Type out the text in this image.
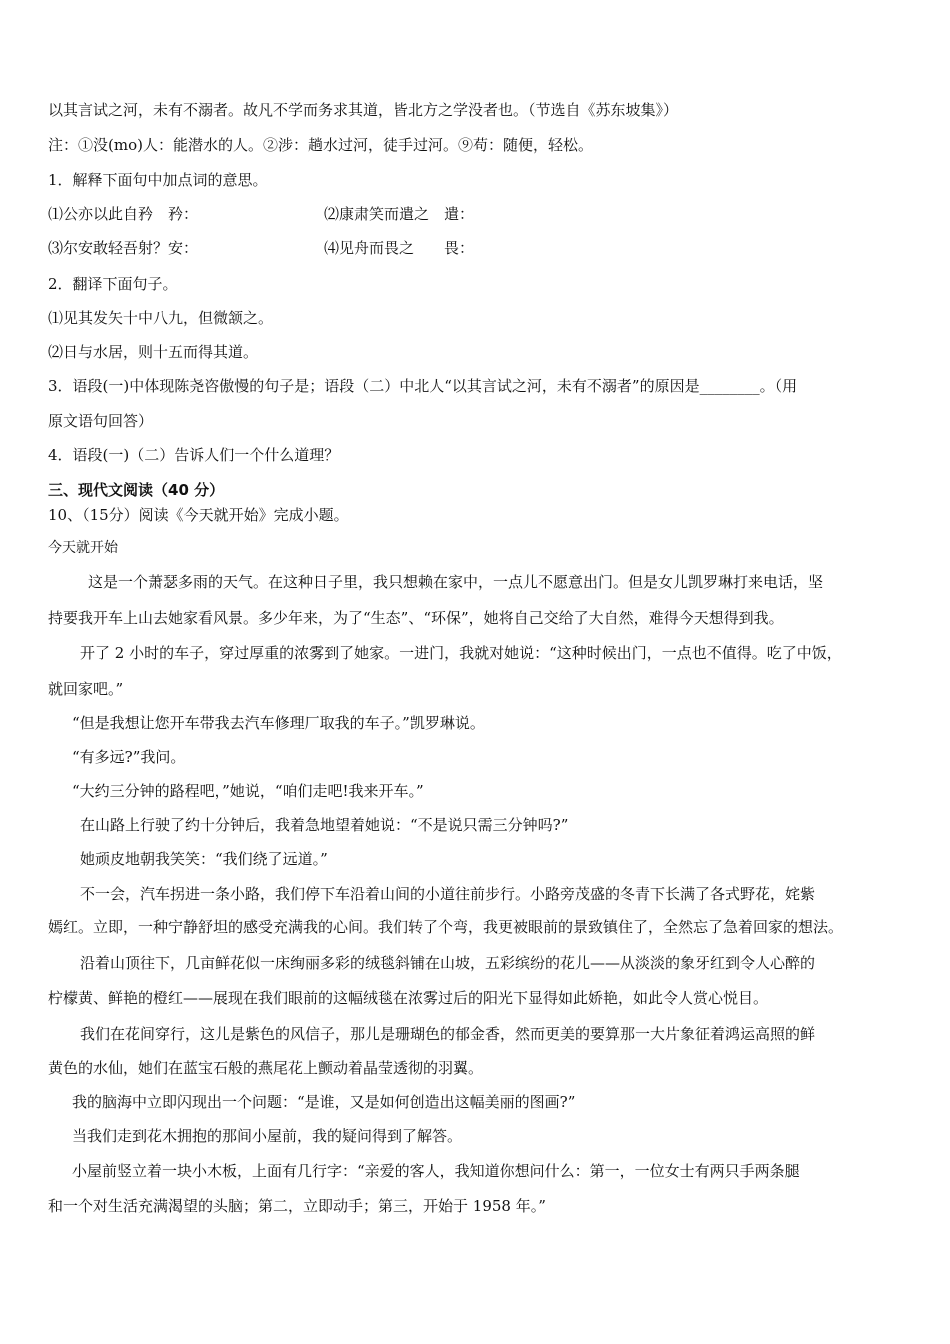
以其言试之河，未有不溺者。故凡不学而务求其道，皆北方之学没者也。（节选自《苏东坡集》）
注：①没(mo)人：能潜水的人。②涉：趟水过河，徒手过河。⑨苟：随便，轻松。
1．解释下面句中加点词的意思。
⑴公亦以此自矜　矜：	⑵康肃笑而遣之　遣：
⑶尔安敢轻吾射？安：	⑷见舟而畏之　　畏：
2．翻译下面句子。
⑴见其发矢十中八九，但微颔之。
⑵日与水居，则十五而得其道。
3．语段(一)中体现陈尧咨傲慢的句子是；语段（二）中北人“以其言试之河，未有不溺者”的原因是________。（用
原文语句回答）
4．语段(一)（二）告诉人们一个什么道理？
三、现代文阅读（40 分）
10、（15分）阅读《今天就开始》完成小题。
今天就开始
这是一个萧瑟多雨的天气。在这种日子里，我只想赖在家中，一点儿不愿意出门。但是女儿凯罗琳打来电话，坚
持要我开车上山去她家看风景。多少年来，为了“生态”、“环保”，她将自己交给了大自然，难得今天想得到我。
开了 2 小时的车子，穿过厚重的浓雾到了她家。一进门，我就对她说：“这种时候出门，一点也不值得。吃了中饭，
就回家吧。”
“但是我想让您开车带我去汽车修理厂取我的车子。”凯罗琳说。
“有多远?”我问。
“大约三分钟的路程吧，”她说，“咱们走吧!我来开车。”
在山路上行驶了约十分钟后，我着急地望着她说：“不是说只需三分钟吗?”
她顽皮地朝我笑笑：“我们绕了远道。”
不一会，汽车拐进一条小路，我们停下车沿着山间的小道往前步行。小路旁茂盛的冬青下长满了各式野花，姹紫
嫣红。立即，一种宁静舒坦的感受充满我的心间。我们转了个弯，我更被眼前的景致镇住了，全然忘了急着回家的想法。
沿着山顶往下，几亩鲜花似一床绚丽多彩的绒毯斜铺在山坡，五彩缤纷的花儿——从淡淡的象牙红到令人心醉的
柠檬黄、鲜艳的橙红——展现在我们眼前的这幅绒毯在浓雾过后的阳光下显得如此娇艳，如此令人赏心悦目。
我们在花间穿行，这儿是紫色的风信子，那儿是珊瑚色的郁金香，然而更美的要算那一大片象征着鸿运高照的鲜
黄色的水仙，她们在蓝宝石般的燕尾花上颤动着晶莹透彻的羽翼。
我的脑海中立即闪现出一个问题：“是谁，又是如何创造出这幅美丽的图画?”
当我们走到花木拥抱的那间小屋前，我的疑问得到了解答。
小屋前竖立着一块小木板，上面有几行字：“亲爱的客人，我知道你想问什么：第一，一位女士有两只手两条腿
和一个对生活充满渴望的头脑；第二，立即动手；第三，开始于 1958 年。”
